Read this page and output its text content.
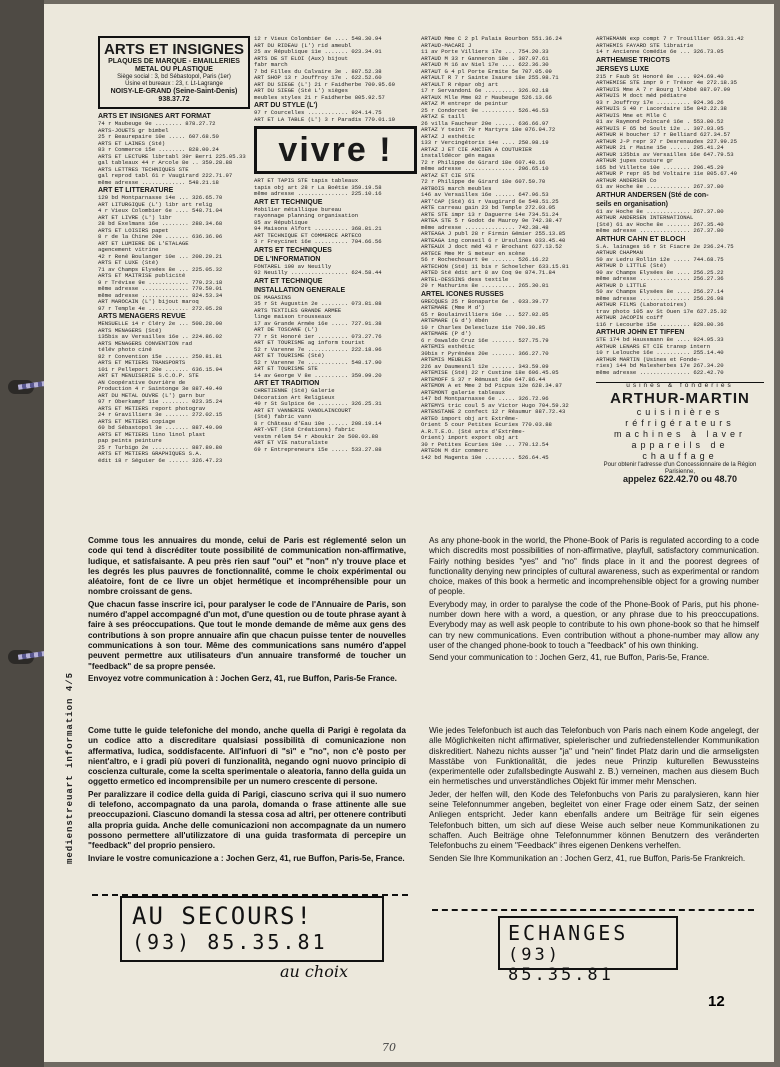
medienstreuart information 4/5
ARTS ET INSIGNES
PLAQUES DE MARQUE - EMAILLERIES
METAL OU PLASTIQUE
Siège social : 3, bd Sébastopol, Paris (1er)
Usine et bureaux : 23, r. Lt-Lagrange
NOISY-LE-GRAND (Seine-Saint-Denis)
938.37.72
ARTS ET INSIGNES ART FORMAT
74 r Maubeuge 9e ........ 878.27.72
ARTS-JOUETS gr bimbel
25 r Beaurepaire 10e ..... 607.68.50
ARTS ET LAINES (Sté)
83 r Commerce 15e ........ 828.00.24
ARTS ET LECTURE librtabl 39r Berri 225.05.33
gal tableaux 44 r Arcole 8e .. 359.28.88
ARTS LETTRES TECHNIQUES STE
gal reprod tabl 61 r Vaugirard 222.71.97
même adresse ............. 548.21.18
ART ET LITTERATURE
120 bd Montparnasse 14e ... 326.65.70
ART LITURGIQUE (L') libr art relig
4 r Vieux Colombier 6e .... 548.71.04
ART ET LIVRE (L') libr
28 bd Exelmans 16e ........ 288.34.68
ARTS ET LOISIRS papet
8 r de la Chine 20e ....... 636.36.96
ART ET LUMIERE DE L'ETALAGE
agencement vitrine
42 r René Boulanger 10e ... 208.20.21
ARTS ET LUXE (Sté)
71 av Champs Elysées 8e ... 225.05.32
ARTS ET MAITRISE publicité
9 r Trévise 9e ............ 770.23.18
même adresse .............. 770.50.01
même adresse .............. 824.53.34
ART MAROCAIN (L') bijout maroq
97 r Temple 4e ............ 272.05.28
ARTS MENAGERS REVUE
MENSUELLE 14 r Cléry 2e ... 508.28.00
ARTS MENAGERS (Sté)
135bis av Versailles 16e .. 224.86.02
ARTS MENAGERS CONVENTION rad
télév photo ciné
82 r Convention 15e ....... 250.81.81
ARTS ET METIERS TRANSPORTS
101 r Pelleport 20e ....... 636.15.94
ART ET MENUISERIE S.C.O.P. STE
AN Coopérative Ouvrière de
Production 4 r Saintonge 3e 887.49.49
ART DU METAL OUVRE (L') garn bur
97 r Oberkampf 11e ........ 023.35.24
ARTS ET METIERS report photograv
24 r Gravilliers 3e ....... 272.02.15
ARTS ET METIERS copiage
60 bd Sébastopol 3e ....... 887.49.09
ARTS ET METIERS lino linol plast
pap peints peinture
25 r Turbigo 2e ........... 887.89.80
ARTS ET METIERS GRAPHIQUES S.A.
édit 18 r Séguier 6e ...... 326.47.23
12 r Vieux Colombier 6e .... 548.30.94
ART DU RIDEAU (L') rid ameubl
25 av République 11e ....... 023.34.91
ARTS DE ST ELOI (Aux) bijout
fabr march
7 bd Filles du Calvaire 3e . 887.52.38
ART SHOP 13 r Jouffroy 17e . 622.52.60
ART DU SIEGE (L') 21 r Faidherbe 700.95.60
ART DU SIEGE (Sté L') sièges
meubles styles 21 r Faidherbe 805.92.57
ART DU STYLE (L')
97 r Courcelles ............ 924.14.75
ART ET LA TABLE (L') 3 r Paradis 770.01.10
vivre !
ART ET TAPIS STE tapis tableaux
tapis obj art 28 r La Boétie 359.19.58
même adresse ............... 225.10.16
ART ET TECHNIQUE
Mobilier métallique bureau
rayonnage planning organisation
85 av République
94 Maisons Alfort .......... 368.81.21
ART TECHNIQUE ET COMMERCE ARTECO
3 r Freycinet 16e .......... 704.66.56
ARTS ET TECHNIQUES
DE L'INFORMATION
FONTAREL 100 av Neuilly
92 Neuilly ................. 624.58.44
ART ET TECHNIQUE
INSTALLATION GENERALE
DE MAGASINS
35 r St Augustin 2e ........ 073.81.88
ARTS TEXTILES GRANDE ARMEE
linge maison trousseaux
17 av Grande Armée 16e ..... 727.91.38
ART DE TOSCANE (L')
77 r St Honoré 1er ......... 073.27.76
ART ET TOURISME ag inform tourist
52 r Varenne 7e ............ 222.18.96
ART ET TOURISME (Sté)
52 r Varenne 7e ............ 548.17.90
ART ET TOURISME STE
14 av George V 8e .......... 359.99.20
ART ET TRADITION
CHRETIENNE (Sté) Galerie
Décoration Art Religieux
40 r St Sulpice 6e ......... 326.25.31
ART ET VANNERIE VANOLAINCOURT
(Sté) fabric vann
8 r Château d'Eau 10e ...... 208.19.14
ART-VET (Sté Créations) fabric
vestm rélem 54 r Aboukir 2e 508.03.88
ART ET VIE naturaliste
69 r Entrepreneurs 15e ..... 533.27.88
ARTAUD Mme C 2 pl Palais Bourbon 551.36.24
ARTAUD-MACARI J
11 av Porte Villiers 17e ... 754.20.33
ARTAUD M 33 r Ganneron 18e . 387.97.61
ARTAUD M 16 av Niel 17e .... 622.36.30
ARTAUT G 4 pl Porte Ermite 5e 707.05.09
ARTAULT R 7 r Sainte Isaure 18e 255.98.71
ARTAULT R répar obj art
17 r Servandoni 6e ......... 326.92.18
ARTAUX Mlle Mme 82 r Maubeuge 526.13.66
ARTAZ M entrepr de peintur
25 r Condorcet 9e .......... 526.46.53
ARTAZ E taill
26 villa Faucheur 20e ...... 636.66.97
ARTAZ Y teint 79 r Martyrs 18e 076.94.72
ARTAZ J esthétic
133 r Vercingétorix 14e .... 250.98.19
ARTAZ J ET CIE ANCIEN A COUTURIER
installdécor gén magas
72 r Philippe de Girard 18e 607.48.16
même adresse ............... 206.65.10
ARTAZ ET CIE STE
72 r Philippe de Girard 18e 607.59.70
ARTBOIS march meubles
146 av Versailles 16e ...... 647.96.53
ART'CAP (Sté) 61 r Vaugirard 6e 548.51.25
ARTE carreau gain 23 bd Temple 272.03.05
ARTE STE impr 13 r Daguerre 14e 734.51.24
ARTEA STE 5 r Godot de Mauroy 9e 742.38.47
même adresse ............... 742.38.48
ARTEAGA J publ 28 r Firmin Gémier 255.13.85
ARTEAGA ing conseil 6 r Ursulines 033.45.40
ARTEAUX J doct méd 43 r Brochant 627.13.52
ARTECE Mme Mr S meteur en scène
56 r Rochechouart 9e ....... 526.16.22
ARTECHON (Sté) 11 bis r Schoelcher 633.15.81
ARTED Sté édit art 8 av Coq 9e 874.71.84
ARTEL-DESSINS dess textile
29 r Mathurins 8e .......... 265.30.81
ARTEL ICONES RUSSES
GRECQUES 25 r Bonaparte 6e . 033.39.77
ARTEMARE (Mme M d')
65 r Boulainvilliers 16e ... 527.02.85
ARTEMARE (G d') ébén
10 r Charles Delescluze 11e 700.30.85
ARTEMARE (P d')
6 r Oswaldo Cruz 16e ....... 527.75.79
ARTEMIS esthétic
30bis r Pyrénées 20e ....... 366.27.70
ARTEMIS MEUBLES
226 av Daumesnil 12e ....... 343.59.09
ARTEMISE (Sté) 22 r Custine 18e 606.45.05
ARTEMOFF S 37 r Rémusat 16e 647.86.44
ARTEMON A et Mme 2 bd Picpus 12e 628.34.87
ARTEMONT galerie tableaux
147 bd Montparnasse 6e ..... 326.72.96
ARTEMYS tric coul 5 av Victor Hugo 704.59.32
ARTENSTANE 2 confect 12 r Réaumur 887.72.43
ARTEO import obj art Extrême-
Orient 5 cour Petites Ecuries 770.03.88
A.R.T.E.O. (Sté arts d'Extrême-
Orient) import export obj art
30 r Petites Ecuries 10e ... 770.12.54
ARTEON M dir commerc
142 bd Magenta 10e ......... 526.64.45
ARTHEMANN exp compt 7 r Trouillier 053.31.42
ARTHEMIS FAYARD STE librairie
14 r Ancienne Comédie 6e ... 326.73.05
ARTHEMISE TRICOTS
JERSEYS LUXE
215 r Faub St Honoré 8e .... 924.69.40
ARTHEMISE STE impr 9 r Trésor 4e 272.18.35
ARTHUIS Mme A 7 r Bourg l'Abbé 887.07.99
ARTHUIS M doct méd pédiatre
93 r Jouffroy 17e .......... 924.36.26
ARTHUIS S 40 r Lacordaire 15e 842.22.38
ARTHUIS Mme et Mlle C
81 av Raymond Poincaré 16e . 553.80.52
ARTHUIS F 65 bd Soult 12e .. 307.03.95
ARTHUR H boucher 17 r Belliard 627.34.57
ARTHUR J-P repr 37 r Desrenaudes 227.99.25
ARTHUR 21 r Maine 15e ...... 205.41.24
ARTHUR 135bis av Versailles 16e 647.79.53
ARTHUR jupes couture gr
165 bd Villette 10e ........ 206.45.29
ARTHUR P repr 85 bd Voltaire 11e 805.67.49
ARTHUR ANDERSEN Co
61 av Hoche 8e ............. 267.37.80
ARTHUR ANDERSEN (Sté de con-
seils en organisation)
61 av Hoche 8e ............. 267.37.80
ARTHUR ANDERSEN INTERNATIONAL
(Sté) 61 av Hoche 8e ....... 267.35.40
même adresse ............... 267.37.80
ARTHUR CAHN ET BLOCH
S.A. lainages 16 r St Fiacre 2e 236.24.75
ARTHUR CHAPMAN
50 av Ledru Rollin 12e ..... 744.68.75
ARTHUR D LITTLE (Sté)
90 av Champs Elysées 8e .... 256.25.22
même adresse ............... 256.27.36
ARTHUR D LITTLE
50 av Champs Elysées 8e .... 256.27.14
même adresse ............... 256.26.98
ARTHUR FILMS (Laboratoires)
trav photo 105 av St Ouen 17e 627.25.32
ARTHUR JACOPIN coiff
116 r Lecourbe 15e ......... 828.80.36
ARTHUR JOHN ET TIFFEN
STE 174 bd Haussmann 8e .... 924.95.33
ARTHUR LENARS ET CIE transp intern
10 r Lelouche 16e .......... 255.14.40
ARTHUR MARTIN (Usines et Fonde-
ries) 144 bd Malesherbes 17e 267.34.20
même adresse ............... 622.42.70
usines & fonderies
ARTHUR-MARTIN
cuisinières
réfrigérateurs
machines à laver
appareils de chauffage
Pour obtenir l'adresse d'un Concessionnaire de la Région Parisienne,
appelez 622.42.70 ou 48.70

Comme tous les annuaires du monde, celui de Paris est réglementé selon un code qui tend à discréditer toute possibilité de communication non-affirmative, ludique, et satisfaisante. A peu près rien sauf "oui" et "non" n'y trouve place et les degrés les plus pauvres de fonctionnalité, comme le choix expérimental ou aléatoire, font de ce livre un objet hermétique et incompréhensible pour un nombre croissant de gens.

Que chacun fasse inscrire ici, pour paralyser le code de l'Annuaire de Paris, son numéro d'appel accompagné d'un mot, d'une question ou de toute phrase ayant à faire à ses préoccupations. Que tout le monde demande de même aux gens des contributions à son propre annuaire afin que chacun puisse tenter de nouvelles communications à son tour. Même des communications sans numéro d'appel peuvent permettre aux utilisateurs d'un annuaire transformé de toucher un "feedback" de sa propre pensée.

Envoyez votre communication à : Jochen Gerz, 41, rue Buffon, Paris-5e France.

As any phone-book in the world, the Phone-Book of Paris is regulated according to a code which discredits most possibilities of non-affirmative, playfull, satisfactory communication. Fairly nothing besides "yes" and "no" finds place in it and the poorest degrees of functionality denying new principles of cultural awareness, such as experimental or random choice, makes of this book a hermetic and incomprehensible object for a growing number of people.

Everybody may, in order to paralyse the code of the Phone-Book of Paris, put his phone-number down here with a word, a question, or any phrase due to his preoccupations. Everybody may as well ask people to contribute to his own phone-book so that he himself can try new communications. Even contribution without a phone-number may allow any user of the changed phone-book to touch a "feedback" of his own thinking.

Send your communication to : Jochen Gerz, 41, rue Buffon, Paris-5e, France.

Come tutte le guide telefoniche del mondo, anche quella di Parigi è regolata da un codice atto a discreditare qualsiasi possibilità di comunicazione non affermativa, ludica, soddisfacente. All'infuori di "sì" e "no", non c'è posto per nient'altro, e i gradi più poveri di funzionalità, negando ogni nuovo principio di coscienza culturale, come la scelta sperimentale o aleatoria, fanno della guida un oggetto ermetico ed incomprensibile per un numero crescente di persone.

Per paralizzare il codice della guida di Parigi, ciascuno scriva qui il suo numero di telefono, accompagnato da una parola, domanda o frase attinente alle sue preoccupazioni. Ciascuno domandi la stessa cosa ad altri, per ottenere contributi alla propria guida. Anche delle comunicazioni non accompagnate da un numero possono permettere all'utilizzatore di una guida trasformata di percepire un "feedback" del proprio pensiero.

Inviare le vostre comunicazione a : Jochen Gerz, 41, rue Buffon, Paris-5e, France.

Wie jedes Telefonbuch ist auch das Telefonbuch von Paris nach einem Kode angelegt, der alle Möglichkeiten nicht affirmativer, spielerischer und zufriedenstellender Kommunikation diskreditiert. Nahezu nichts ausser "ja" und "nein" findet Platz darin und die armseligsten Masstäbe von Funktionalität, die jedes neue Prinzip kulturellen Bewussteins (experimentelle oder zufallsbedingte Auswahl z. B.) verneinen, machen aus diesem Buch ein hermetisches und unverständliches Objekt für immer mehr Menschen.

Jeder, der helfen will, den Kode des Telefonbuchs von Paris zu paralysieren, kann hier seine Telefonnummer angeben, begleitet von einer Frage oder einem Satz, der seinen Anliegen entspricht. Jeder kann ebenfalls andere um Beiträge für sein eigenes Telefonbuch bitten, um sich auf diese Weise auch selber neue Kommunikationen zu schaffen. Auch Beiträge ohne Telefonnummer können Benutzern des veränderten Telefonbuchs zu einem "Feedback" ihres eigenen Denkens verhelfen.

Senden Sie Ihre Kommunikation an : Jochen Gerz, 41, rue Buffon, Paris-5e Frankreich.

AU SECOURS!
(93) 85.35.81	ECHANGES
(93) 85.35.81
au choix
12
70
